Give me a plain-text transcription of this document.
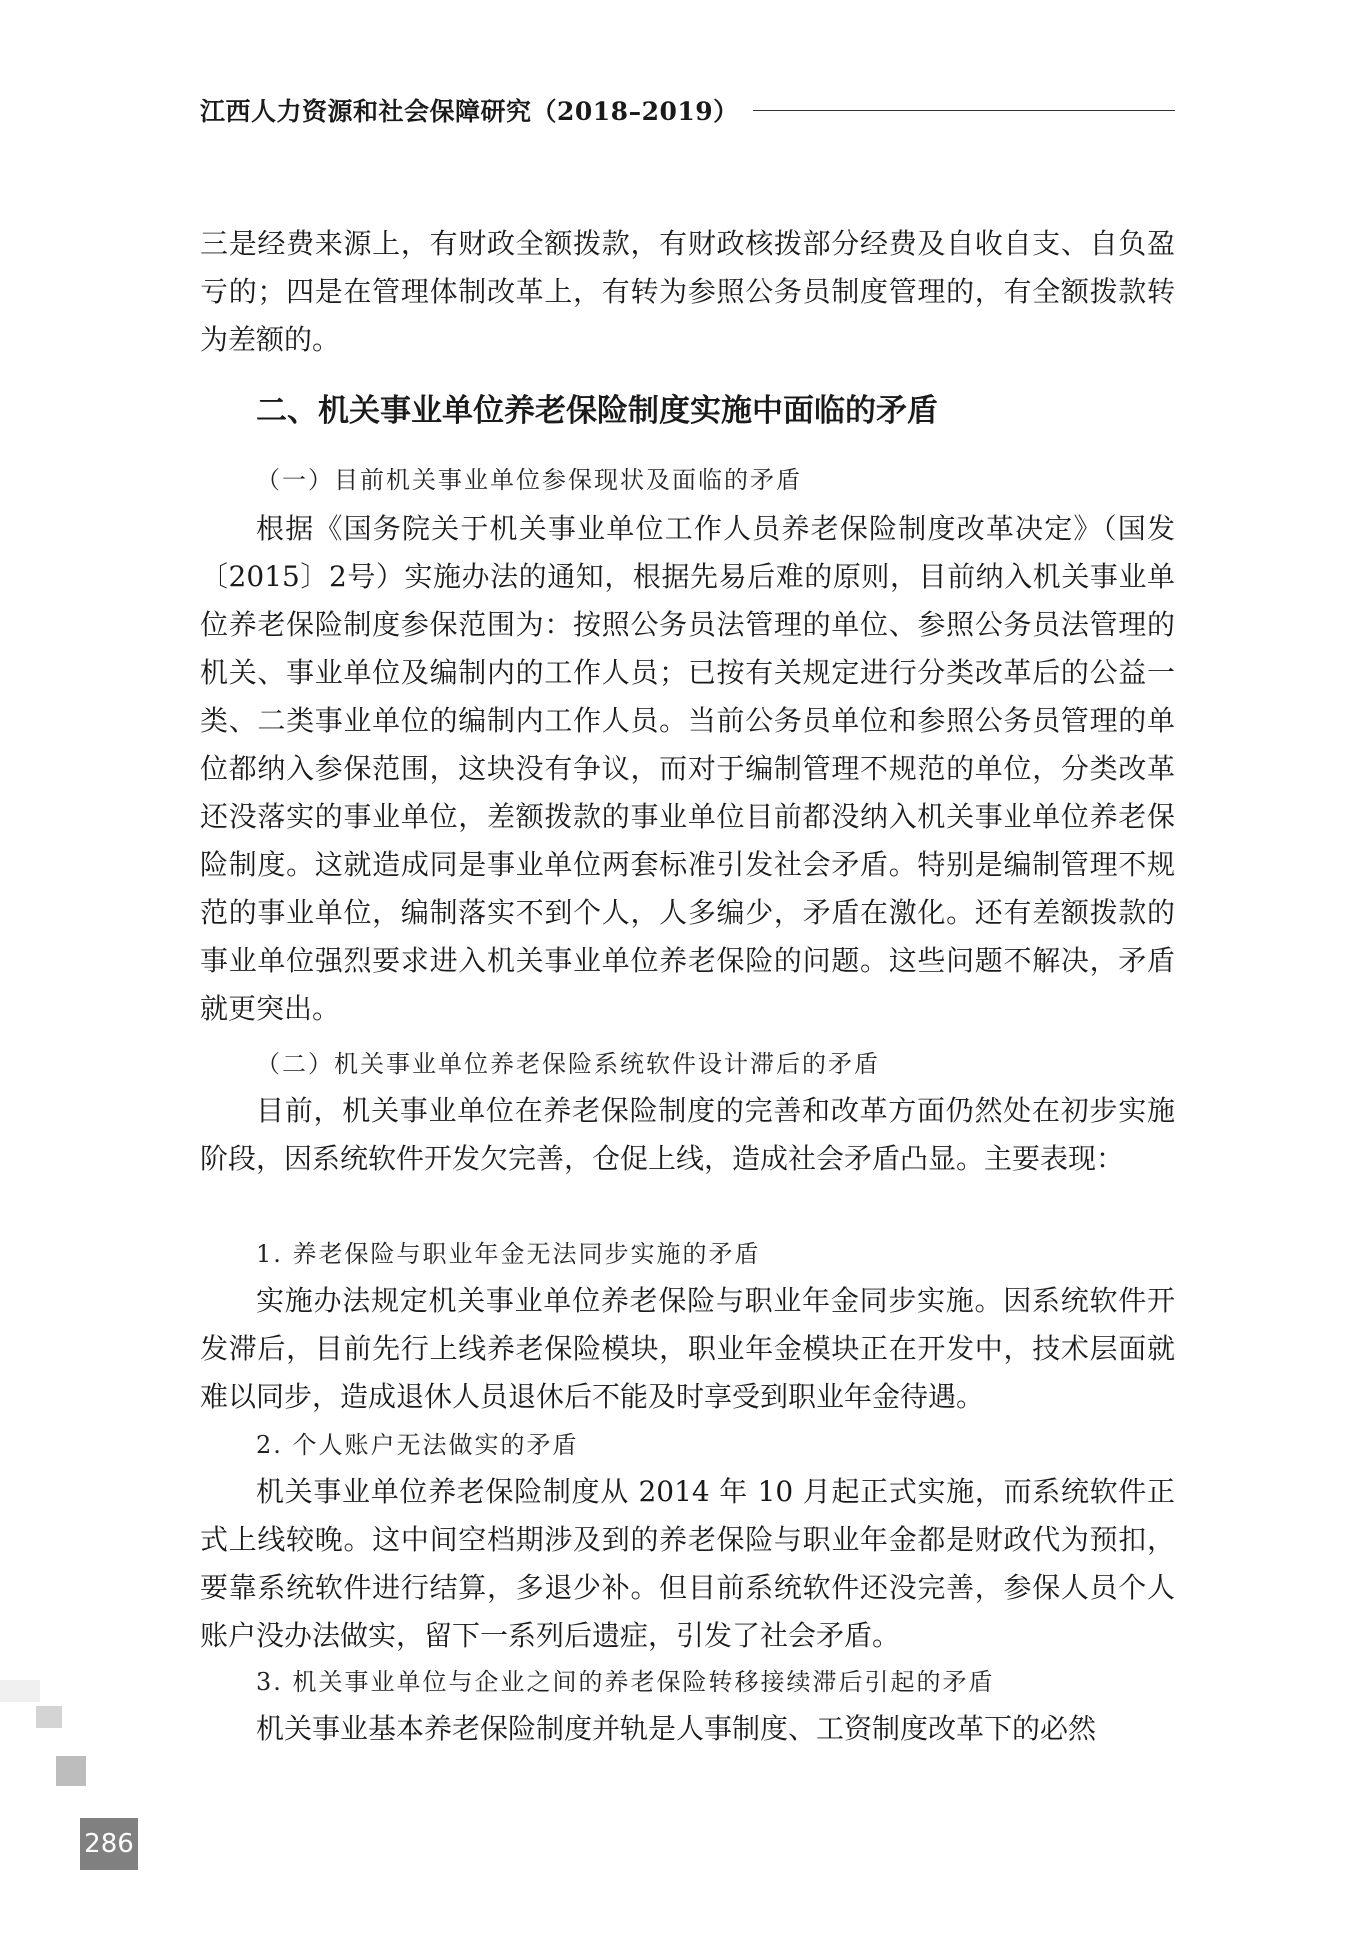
江西人力资源和社会保障研究（2018–2019）
三是经费来源上，有财政全额拨款，有财政核拨部分经费及自收自支、自负盈亏的；四是在管理体制改革上，有转为参照公务员制度管理的，有全额拨款转为差额的。
二、机关事业单位养老保险制度实施中面临的矛盾
（一）目前机关事业单位参保现状及面临的矛盾
根据《国务院关于机关事业单位工作人员养老保险制度改革决定》（国发〔2015〕2号）实施办法的通知，根据先易后难的原则，目前纳入机关事业单位养老保险制度参保范围为：按照公务员法管理的单位、参照公务员法管理的机关、事业单位及编制内的工作人员；已按有关规定进行分类改革后的公益一类、二类事业单位的编制内工作人员。当前公务员单位和参照公务员管理的单位都纳入参保范围，这块没有争议，而对于编制管理不规范的单位，分类改革还没落实的事业单位，差额拨款的事业单位目前都没纳入机关事业单位养老保险制度。这就造成同是事业单位两套标准引发社会矛盾。特别是编制管理不规范的事业单位，编制落实不到个人，人多编少，矛盾在激化。还有差额拨款的事业单位强烈要求进入机关事业单位养老保险的问题。这些问题不解决，矛盾就更突出。
（二）机关事业单位养老保险系统软件设计滞后的矛盾
目前，机关事业单位在养老保险制度的完善和改革方面仍然处在初步实施阶段，因系统软件开发欠完善，仓促上线，造成社会矛盾凸显。主要表现：
1. 养老保险与职业年金无法同步实施的矛盾
实施办法规定机关事业单位养老保险与职业年金同步实施。因系统软件开发滞后，目前先行上线养老保险模块，职业年金模块正在开发中，技术层面就难以同步，造成退休人员退休后不能及时享受到职业年金待遇。
2. 个人账户无法做实的矛盾
机关事业单位养老保险制度从 2014 年 10 月起正式实施，而系统软件正式上线较晚。这中间空档期涉及到的养老保险与职业年金都是财政代为预扣，要靠系统软件进行结算，多退少补。但目前系统软件还没完善，参保人员个人账户没办法做实，留下一系列后遗症，引发了社会矛盾。
3. 机关事业单位与企业之间的养老保险转移接续滞后引起的矛盾
机关事业基本养老保险制度并轨是人事制度、工资制度改革下的必然
286
